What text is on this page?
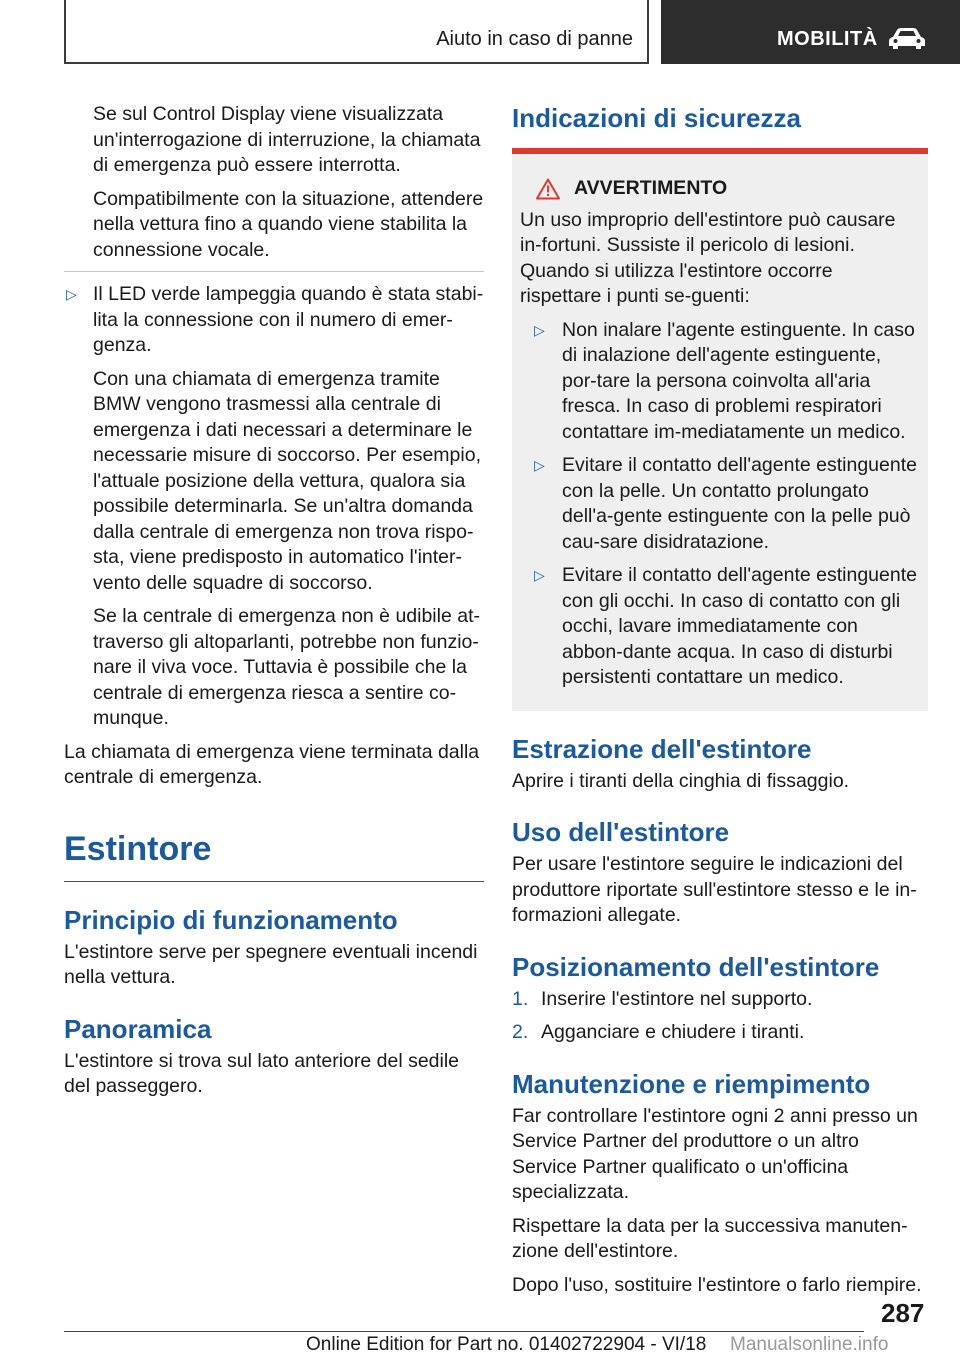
Aiuto in caso di panne	MOBILITÀ
Se sul Control Display viene visualizzata un'interrogazione di interruzione, la chiamata di emergenza può essere interrotta.
Compatibilmente con la situazione, attendere nella vettura fino a quando viene stabilita la connessione vocale.
▷ Il LED verde lampeggia quando è stata stabi-lita la connessione con il numero di emer-genza.
Con una chiamata di emergenza tramite BMW vengono trasmessi alla centrale di emergenza i dati necessari a determinare le necessarie misure di soccorso. Per esempio, l'attuale posizione della vettura, qualora sia possibile determinarla. Se un'altra domanda dalla centrale di emergenza non trova rispo-sta, viene predisposto in automatico l'inter-vento delle squadre di soccorso.
Se la centrale di emergenza non è udibile at-traverso gli altoparlanti, potrebbe non funzio-nare il viva voce. Tuttavia è possibile che la centrale di emergenza riesca a sentire co-munque.
La chiamata di emergenza viene terminata dalla centrale di emergenza.
Estintore
Principio di funzionamento
L'estintore serve per spegnere eventuali incendi nella vettura.
Panoramica
L'estintore si trova sul lato anteriore del sedile del passeggero.
Indicazioni di sicurezza
AVVERTIMENTO
Un uso improprio dell'estintore può causare in-fortuni. Sussiste il pericolo di lesioni. Quando si utilizza l'estintore occorre rispettare i punti se-guenti:
▷ Non inalare l'agente estinguente. In caso di inalazione dell'agente estinguente, por-tare la persona coinvolta all'aria fresca. In caso di problemi respiratori contattare im-mediatamente un medico.
▷ Evitare il contatto dell'agente estinguente con la pelle. Un contatto prolungato dell'a-gente estinguente con la pelle può cau-sare disidratazione.
▷ Evitare il contatto dell'agente estinguente con gli occhi. In caso di contatto con gli occhi, lavare immediatamente con abbon-dante acqua. In caso di disturbi persistenti contattare un medico.
Estrazione dell'estintore
Aprire i tiranti della cinghia di fissaggio.
Uso dell'estintore
Per usare l'estintore seguire le indicazioni del produttore riportate sull'estintore stesso e le in-formazioni allegate.
Posizionamento dell'estintore
1. Inserire l'estintore nel supporto.
2. Agganciare e chiudere i tiranti.
Manutenzione e riempimento
Far controllare l'estintore ogni 2 anni presso un Service Partner del produttore o un altro Service Partner qualificato o un'officina specializzata.
Rispettare la data per la successiva manuten-zione dell'estintore.
Dopo l'uso, sostituire l'estintore o farlo riempire.
287
Online Edition for Part no. 01402722904 - VI/18 Manualsonline.info
